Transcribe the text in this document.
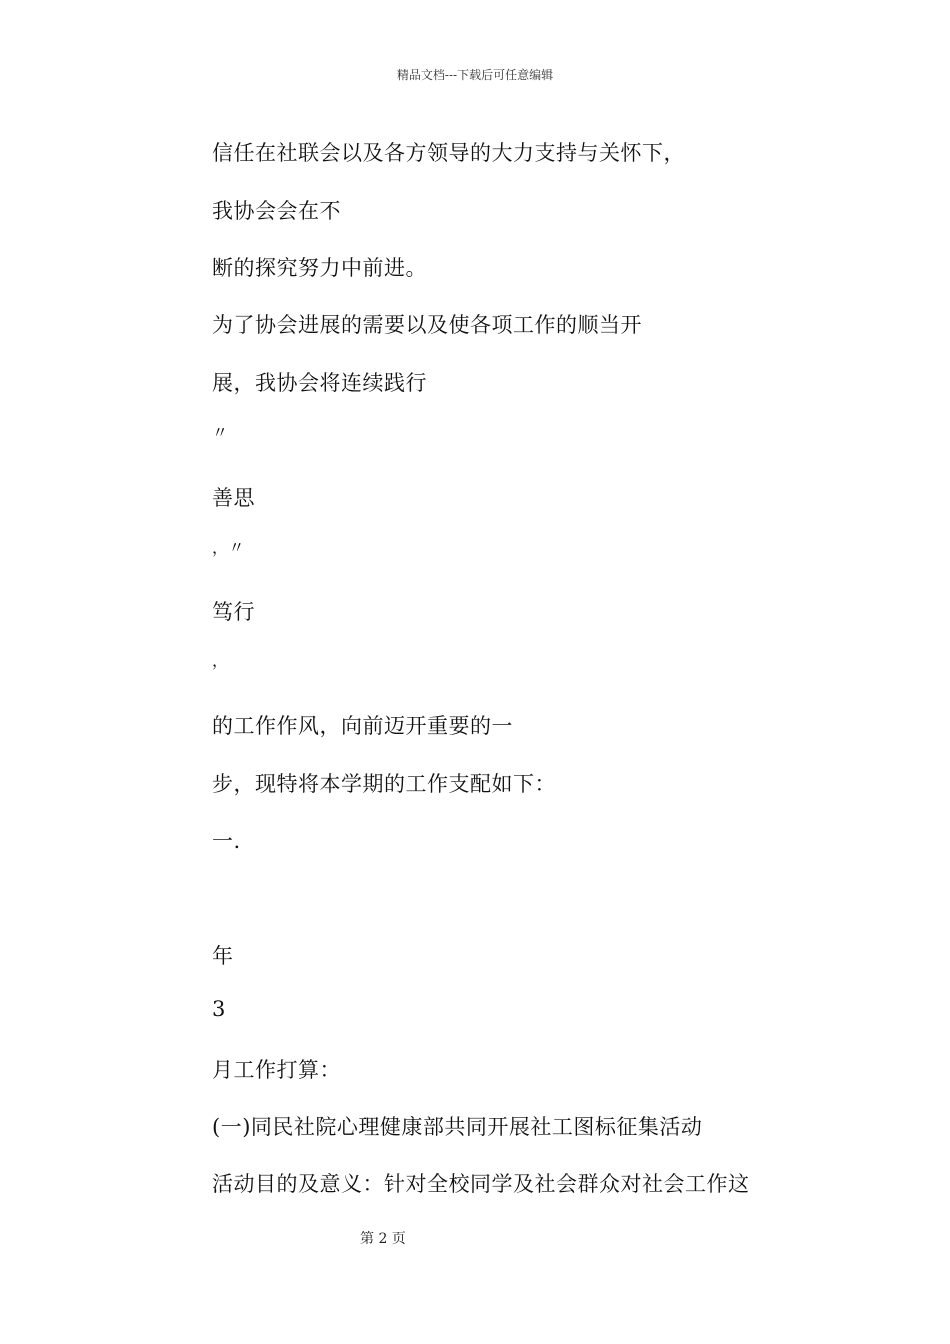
精品文档---下载后可任意编辑
信任在社联会以及各方领导的大力支持与关怀下，
我协会会在不
断的探究努力中前进。
为了协会进展的需要以及使各项工作的顺当开
展，我协会将连续践行
〃
善思
，〃
笃行
，
的工作作风，向前迈开重要的一
步，现特将本学期的工作支配如下：
一.
年
3
月工作打算：
(一)同民社院心理健康部共同开展社工图标征集活动
活动目的及意义：针对全校同学及社会群众对社会工作这
第 2 页
